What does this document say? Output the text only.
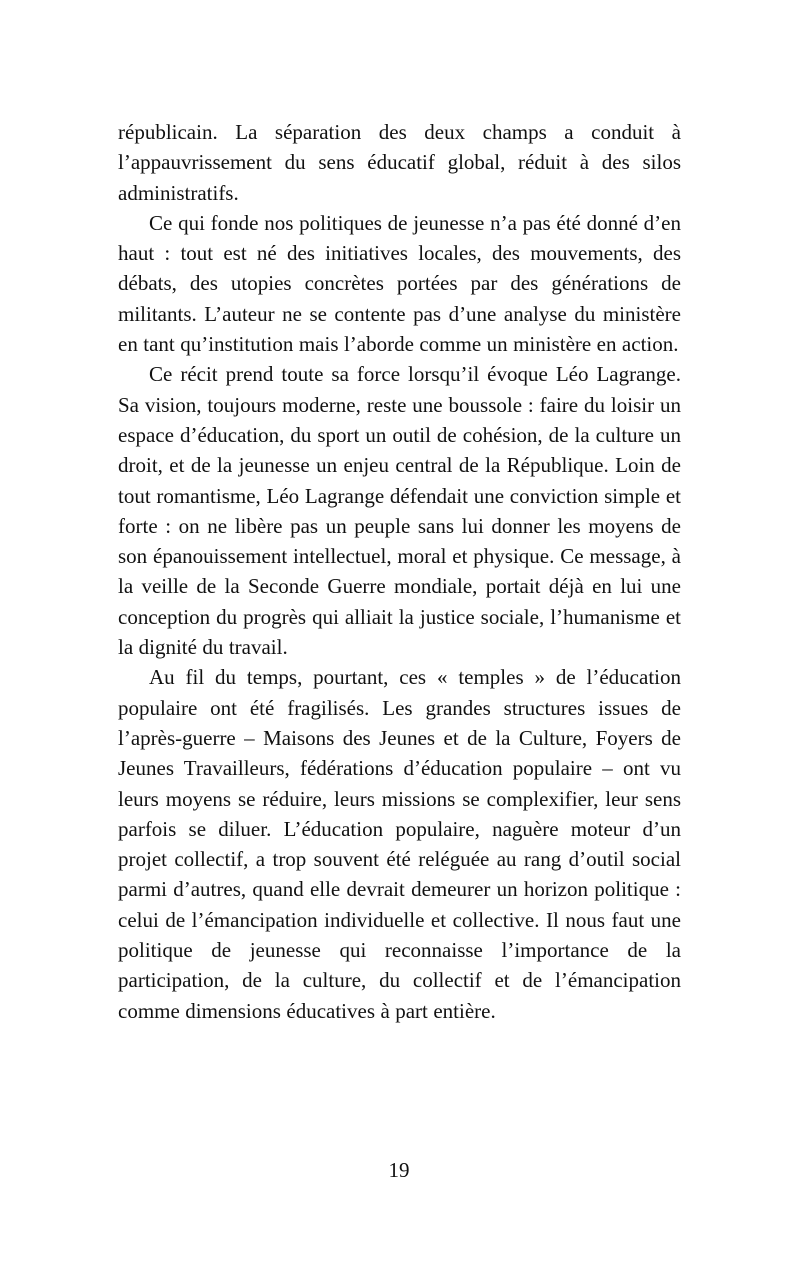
républicain. La séparation des deux champs a conduit à l’appauvrissement du sens éducatif global, réduit à des silos administratifs.

Ce qui fonde nos politiques de jeunesse n’a pas été donné d’en haut : tout est né des initiatives locales, des mouvements, des débats, des utopies concrètes portées par des générations de militants. L’auteur ne se contente pas d’une analyse du ministère en tant qu’institution mais l’aborde comme un ministère en action.

Ce récit prend toute sa force lorsqu’il évoque Léo Lagrange. Sa vision, toujours moderne, reste une boussole : faire du loisir un espace d’éducation, du sport un outil de cohésion, de la culture un droit, et de la jeunesse un enjeu central de la République. Loin de tout romantisme, Léo Lagrange défendait une conviction simple et forte : on ne libère pas un peuple sans lui donner les moyens de son épanouissement intellectuel, moral et physique. Ce message, à la veille de la Seconde Guerre mondiale, portait déjà en lui une conception du progrès qui alliait la justice sociale, l’humanisme et la dignité du travail.

Au fil du temps, pourtant, ces « temples » de l’éducation populaire ont été fragilisés. Les grandes structures issues de l’après-guerre – Maisons des Jeunes et de la Culture, Foyers de Jeunes Travailleurs, fédérations d’éducation populaire – ont vu leurs moyens se réduire, leurs missions se complexifier, leur sens parfois se diluer. L’éducation populaire, naguère moteur d’un projet collectif, a trop souvent été reléguée au rang d’outil social parmi d’autres, quand elle devrait demeurer un horizon politique : celui de l’émancipation individuelle et collective. Il nous faut une politique de jeunesse qui reconnaisse l’importance de la participation, de la culture, du collectif et de l’émancipation comme dimensions éducatives à part entière.

19
